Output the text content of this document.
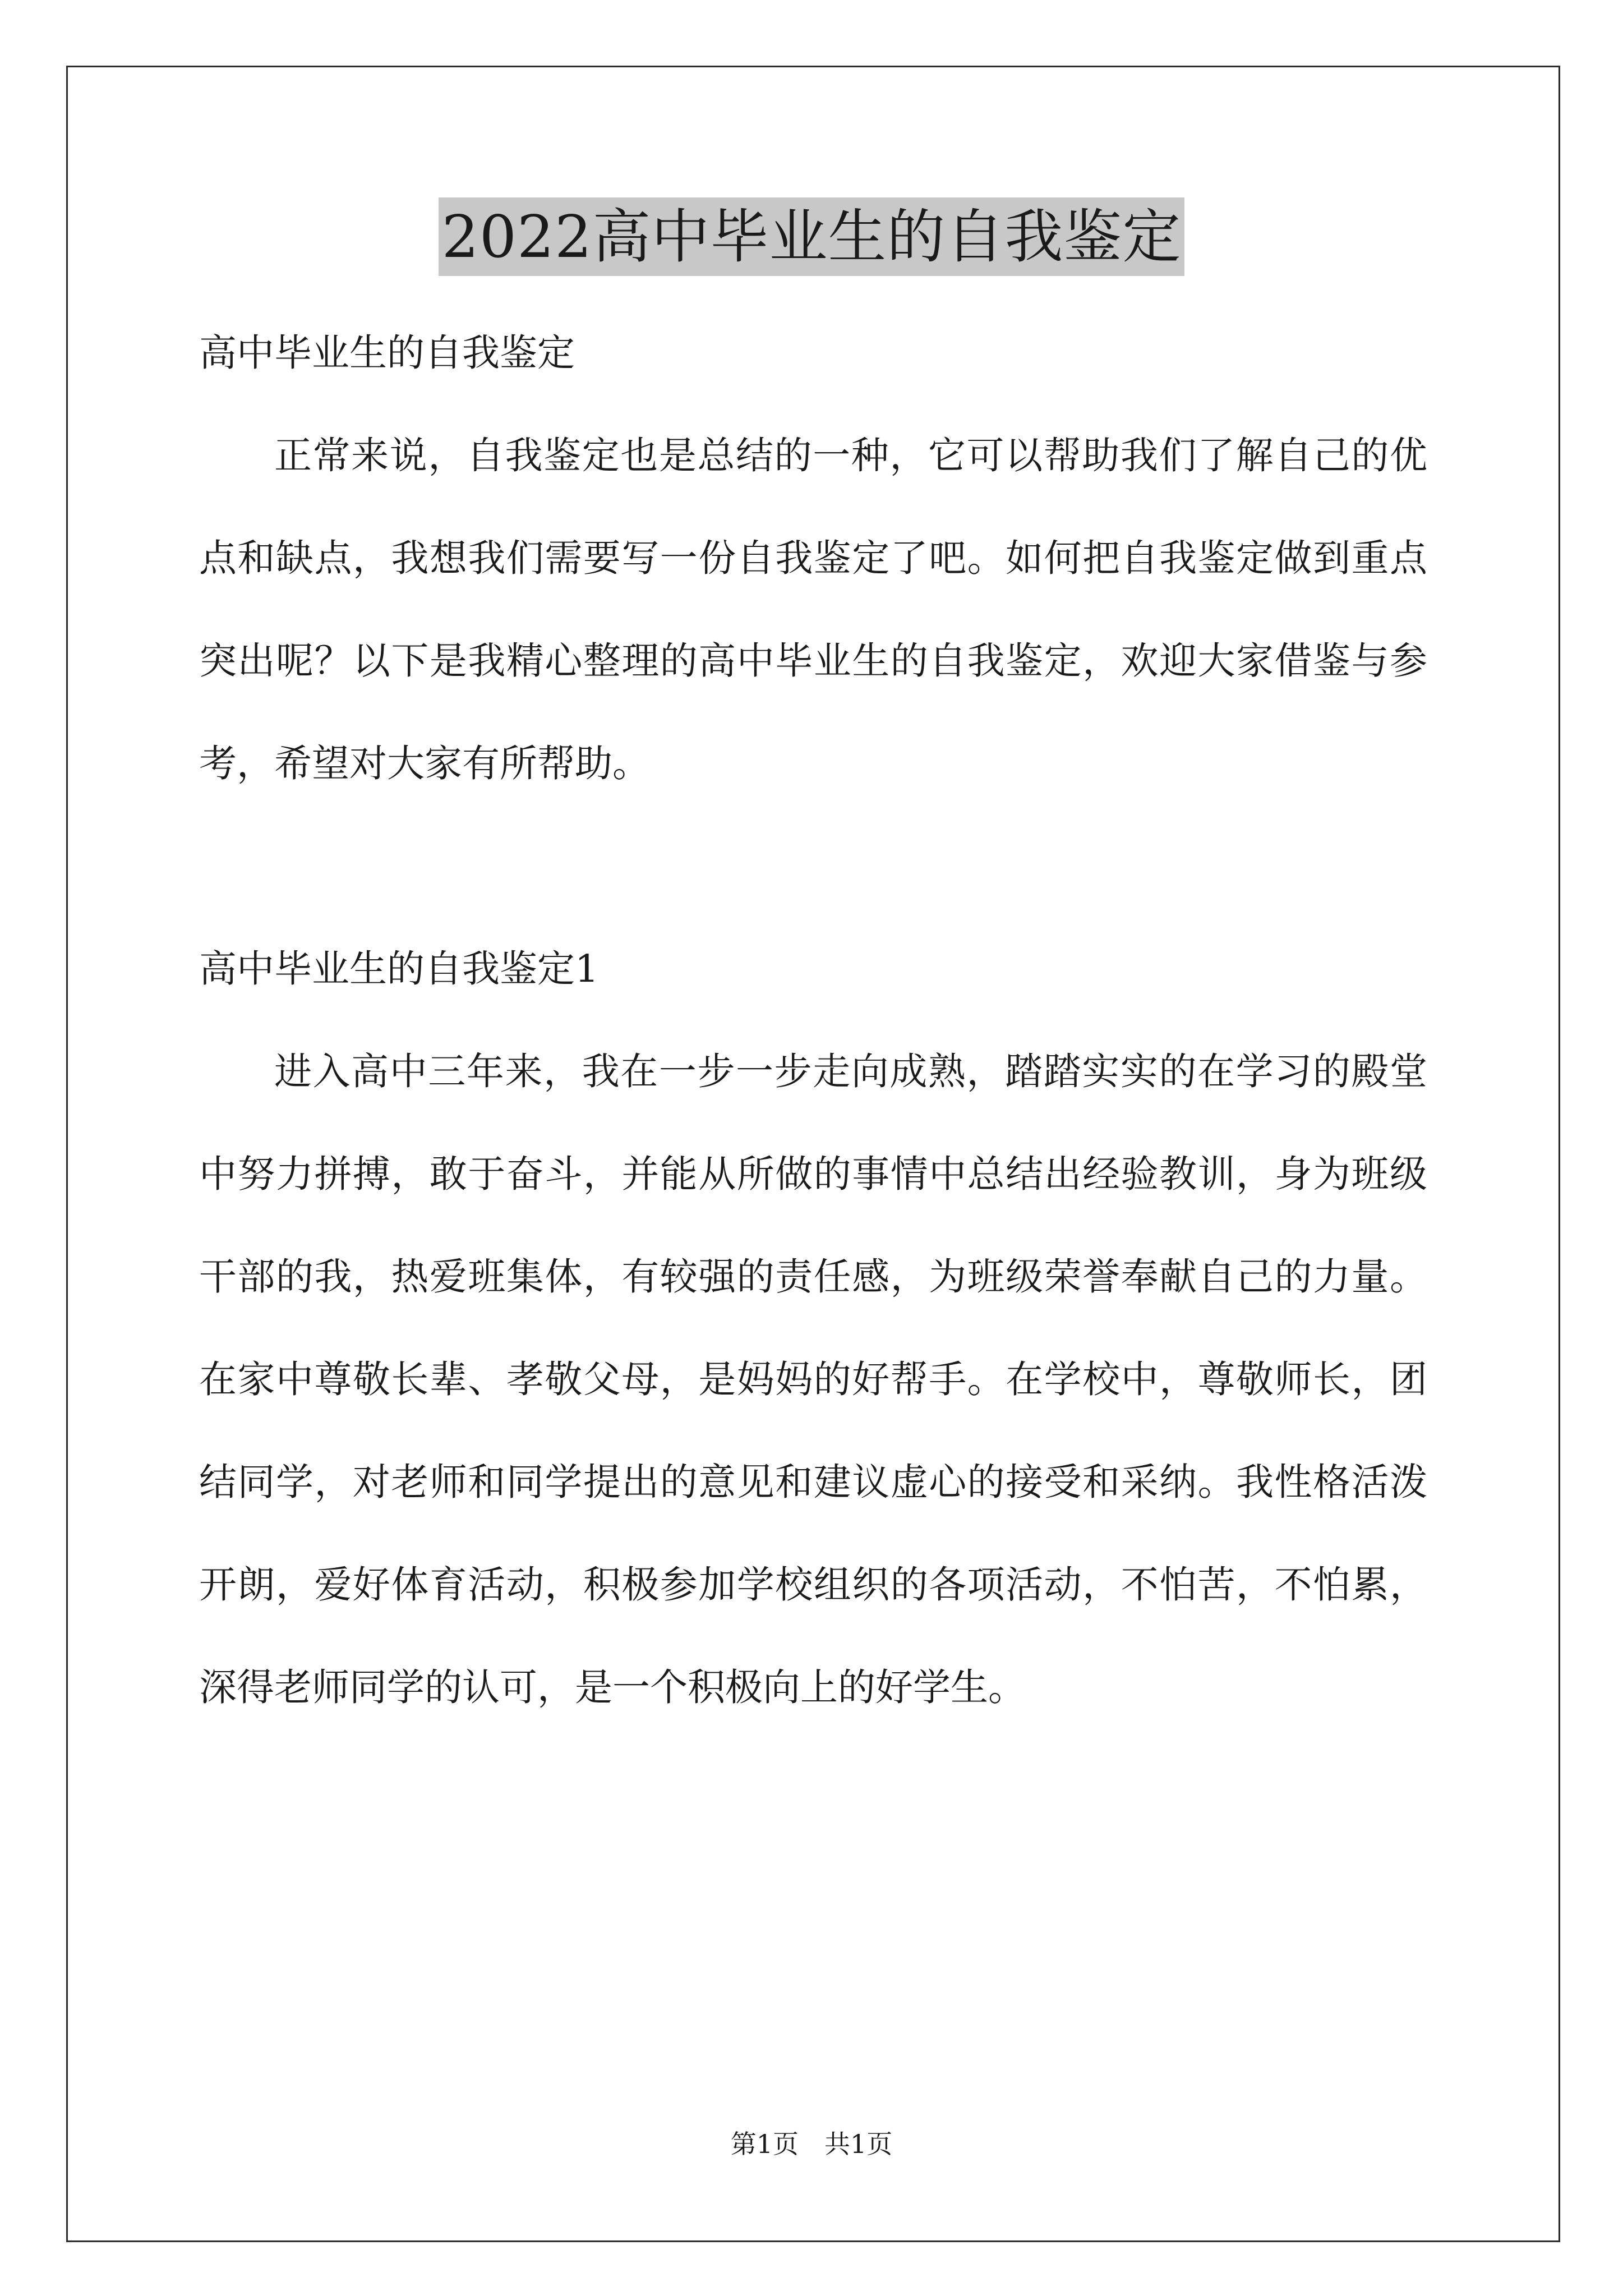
2022高中毕业生的自我鉴定
高中毕业生的自我鉴定

正常来说，自我鉴定也是总结的一种，它可以帮助我们了解自己的优点和缺点，我想我们需要写一份自我鉴定了吧。如何把自我鉴定做到重点突出呢？以下是我精心整理的高中毕业生的自我鉴定，欢迎大家借鉴与参考，希望对大家有所帮助。

高中毕业生的自我鉴定1

进入高中三年来，我在一步一步走向成熟，踏踏实实的在学习的殿堂中努力拼搏，敢于奋斗，并能从所做的事情中总结出经验教训，身为班级干部的我，热爱班集体，有较强的责任感，为班级荣誉奉献自己的力量。在家中尊敬长辈、孝敬父母，是妈妈的好帮手。在学校中，尊敬师长，团结同学，对老师和同学提出的意见和建议虚心的接受和采纳。我性格活泼开朗，爱好体育活动，积极参加学校组织的各项活动，不怕苦，不怕累，深得老师同学的认可，是一个积极向上的好学生。

第1页 共1页
